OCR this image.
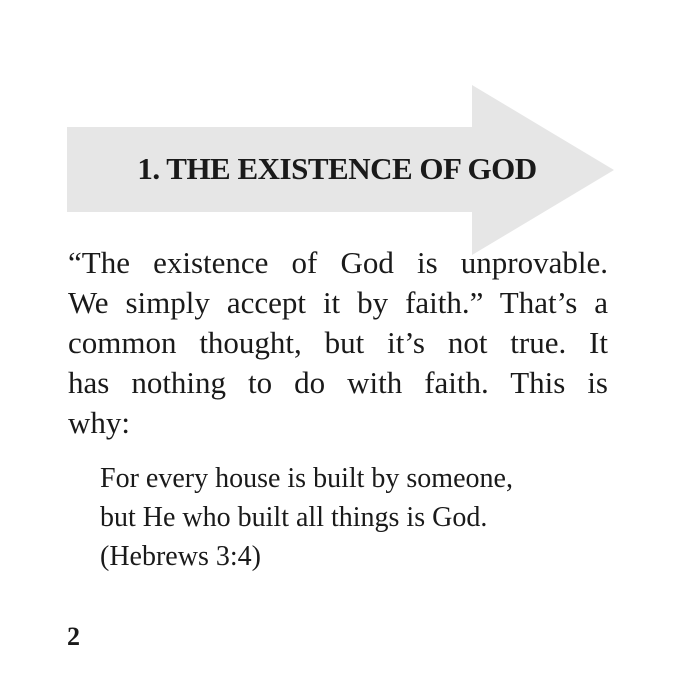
1. THE EXISTENCE OF GOD
“The existence of God is unprovable.
We simply accept it by faith.” That’s a
common thought, but it’s not true. It
has nothing to do with faith. This is
why:
For every house is built by someone,
but He who built all things is God.
(Hebrews 3:4)
2
